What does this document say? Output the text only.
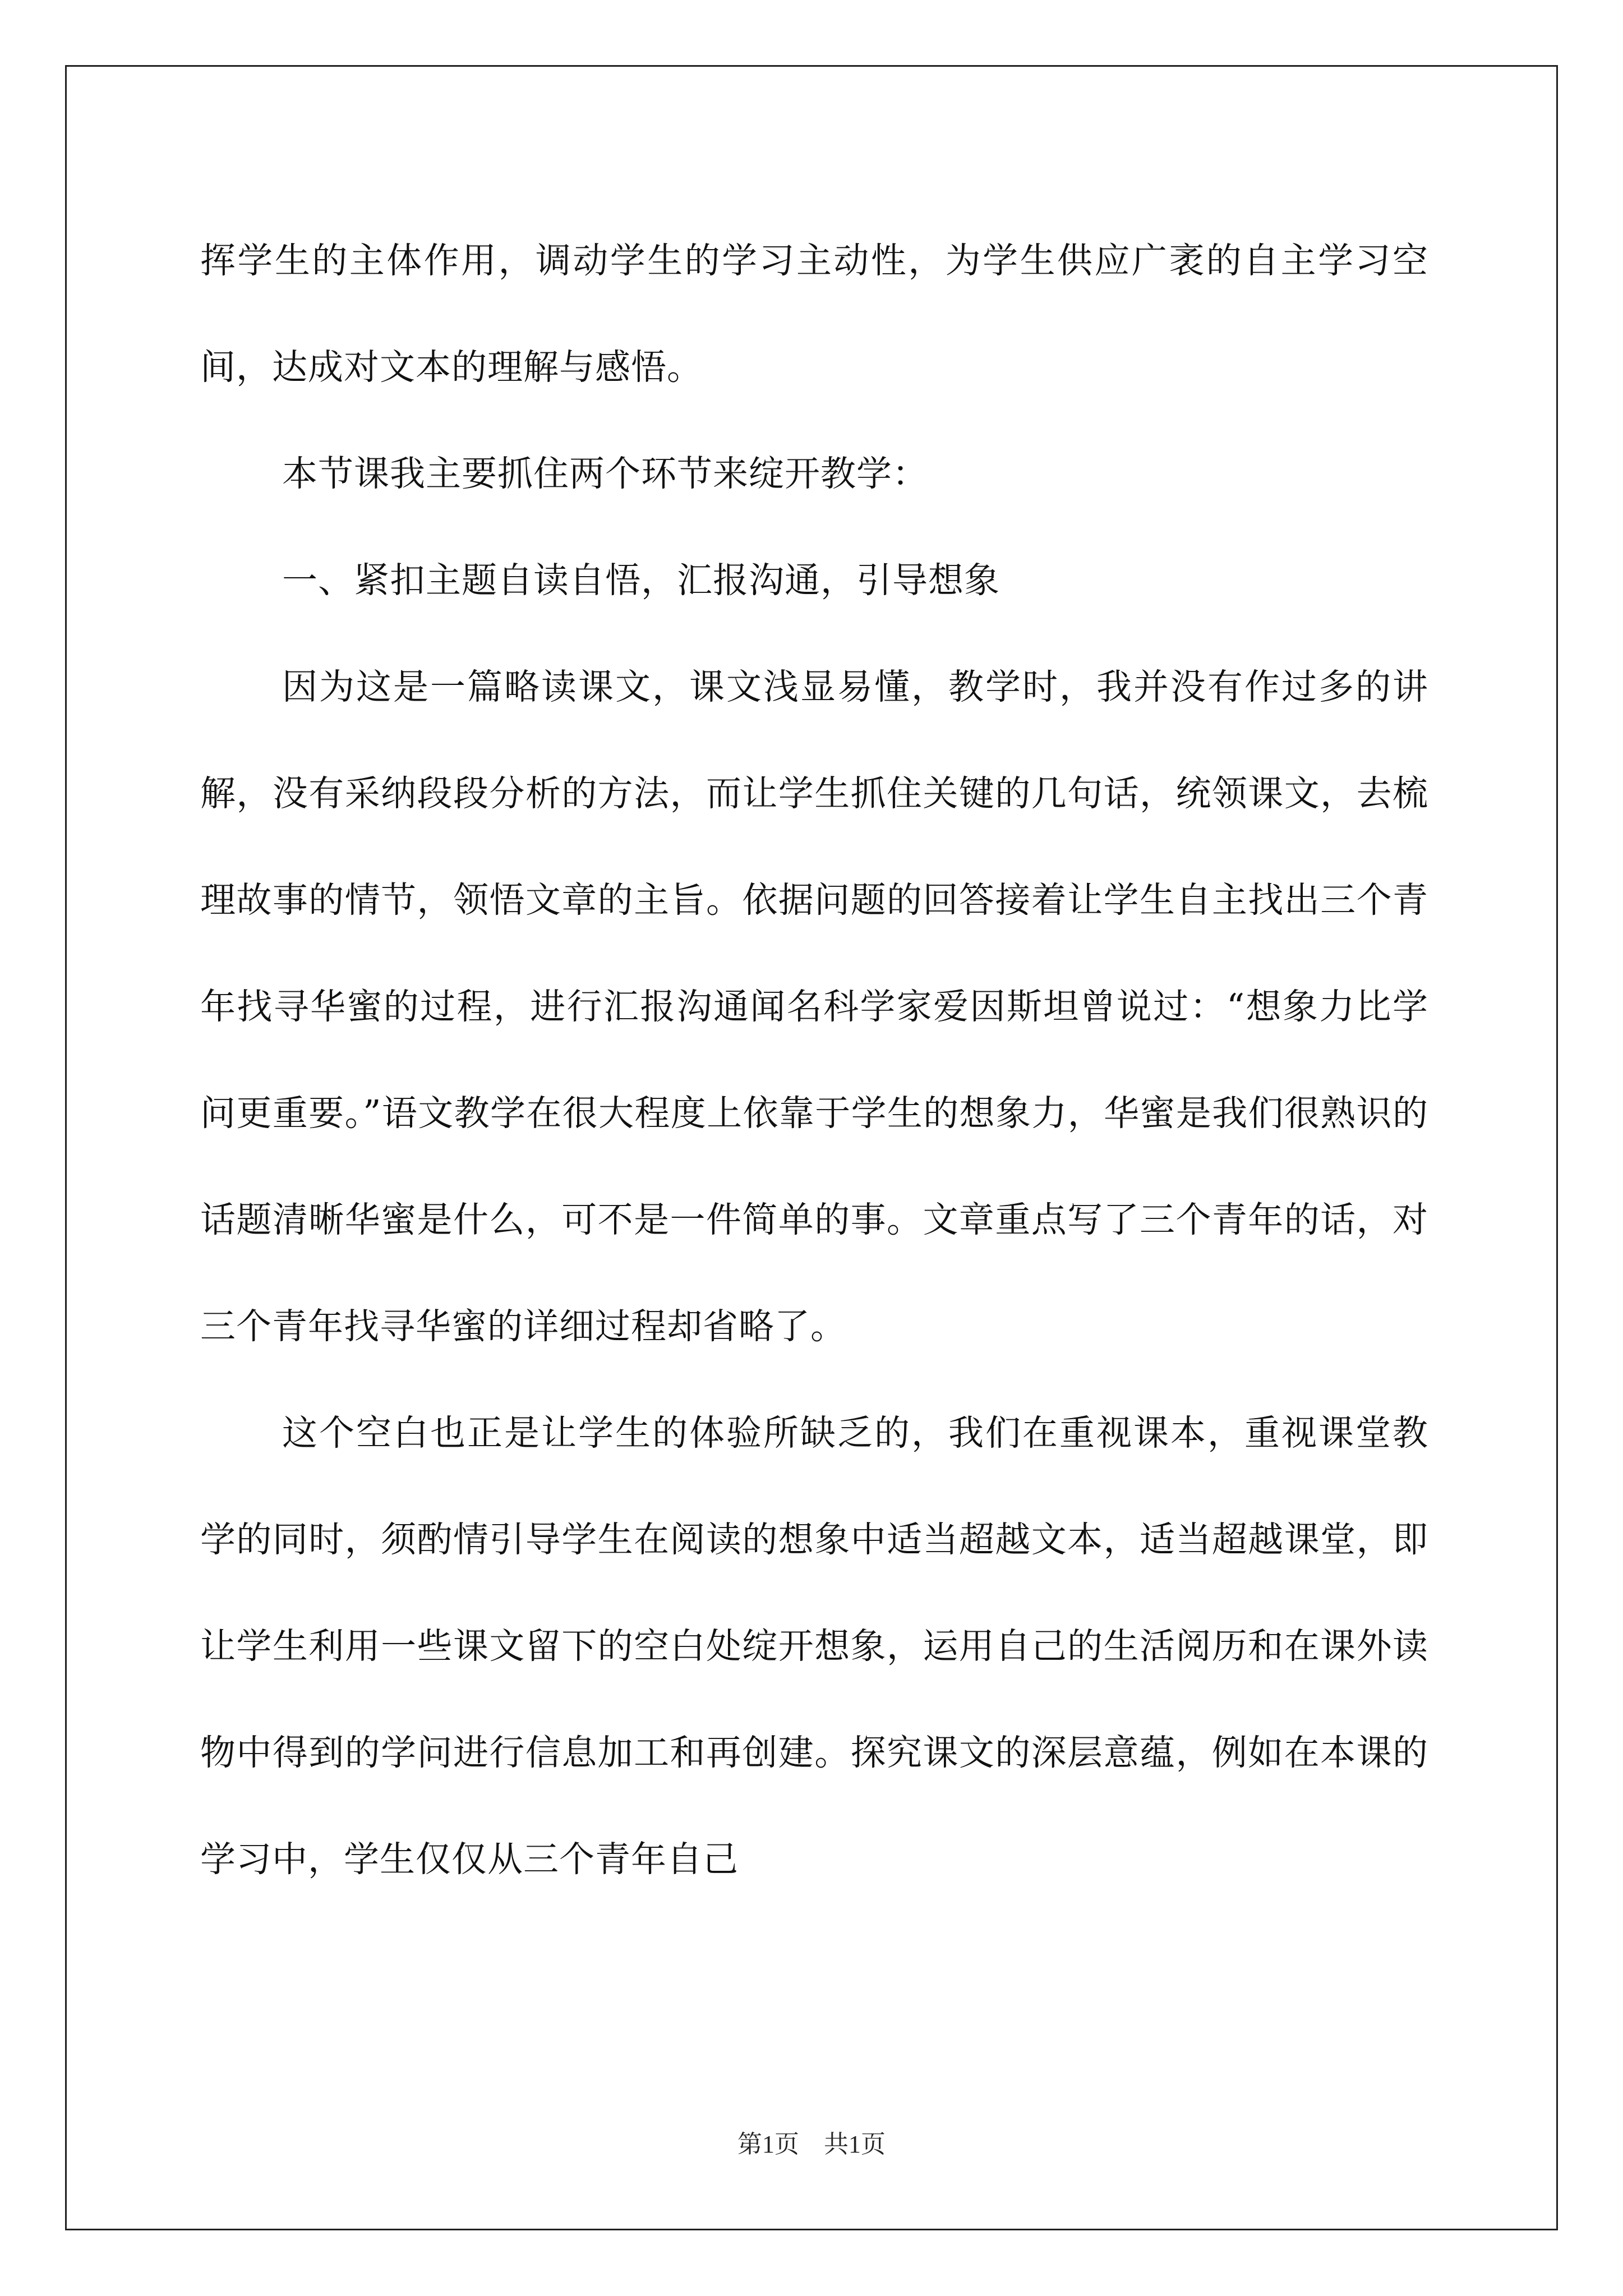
挥学生的主体作用，调动学生的学习主动性，为学生供应广袤的自主学习空间，达成对文本的理解与感悟。

本节课我主要抓住两个环节来绽开教学：

一、紧扣主题自读自悟，汇报沟通，引导想象

因为这是一篇略读课文，课文浅显易懂，教学时，我并没有作过多的讲解，没有采纳段段分析的方法，而让学生抓住关键的几句话，统领课文，去梳理故事的情节，领悟文章的主旨。依据问题的回答接着让学生自主找出三个青年找寻华蜜的过程，进行汇报沟通闻名科学家爱因斯坦曾说过：“想象力比学问更重要。”语文教学在很大程度上依靠于学生的想象力，华蜜是我们很熟识的话题清晰华蜜是什么，可不是一件简单的事。文章重点写了三个青年的话，对三个青年找寻华蜜的详细过程却省略了。

这个空白也正是让学生的体验所缺乏的，我们在重视课本，重视课堂教学的同时，须酌情引导学生在阅读的想象中适当超越文本，适当超越课堂，即让学生利用一些课文留下的空白处绽开想象，运用自己的生活阅历和在课外读物中得到的学问进行信息加工和再创建。探究课文的深层意蕴，例如在本课的学习中，学生仅仅从三个青年自己

第1页　共1页
